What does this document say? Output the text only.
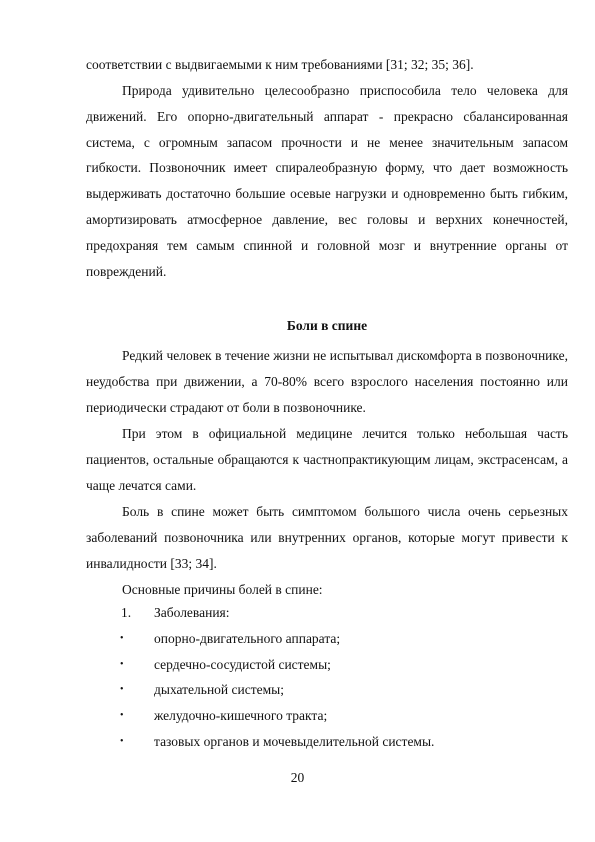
соответствии с выдвигаемыми к ним требованиями [31; 32; 35; 36].

Природа удивительно целесообразно приспособила тело человека для движений. Его опорно-двигательный аппарат - прекрасно сбалансированная система, с огромным запасом прочности и не менее значительным запасом гибкости. Позвоночник имеет спиралеобразную форму, что дает возможность выдерживать достаточно большие осевые нагрузки и одновременно быть гибким, амортизировать атмосферное давление, вес головы и верхних конечностей, предохраняя тем самым спинной и головной мозг и внутренние органы от повреждений.

Боли в спине

Редкий человек в течение жизни не испытывал дискомфорта в позвоночнике, неудобства при движении, а 70-80% всего взрослого населения постоянно или периодически страдают от боли в позвоночнике.

При этом в официальной медицине лечится только небольшая часть пациентов, остальные обращаются к частнопрактикующим лицам, экстрасенсам, а чаще лечатся сами.

Боль в спине может быть симптомом большого числа очень серьезных заболеваний позвоночника или внутренних органов, которые могут привести к инвалидности [33; 34].

Основные причины болей в спине:

1. Заболевания:
• опорно-двигательного аппарата;
• сердечно-сосудистой системы;
• дыхательной системы;
• желудочно-кишечного тракта;
• тазовых органов и мочевыделительной системы.
20
